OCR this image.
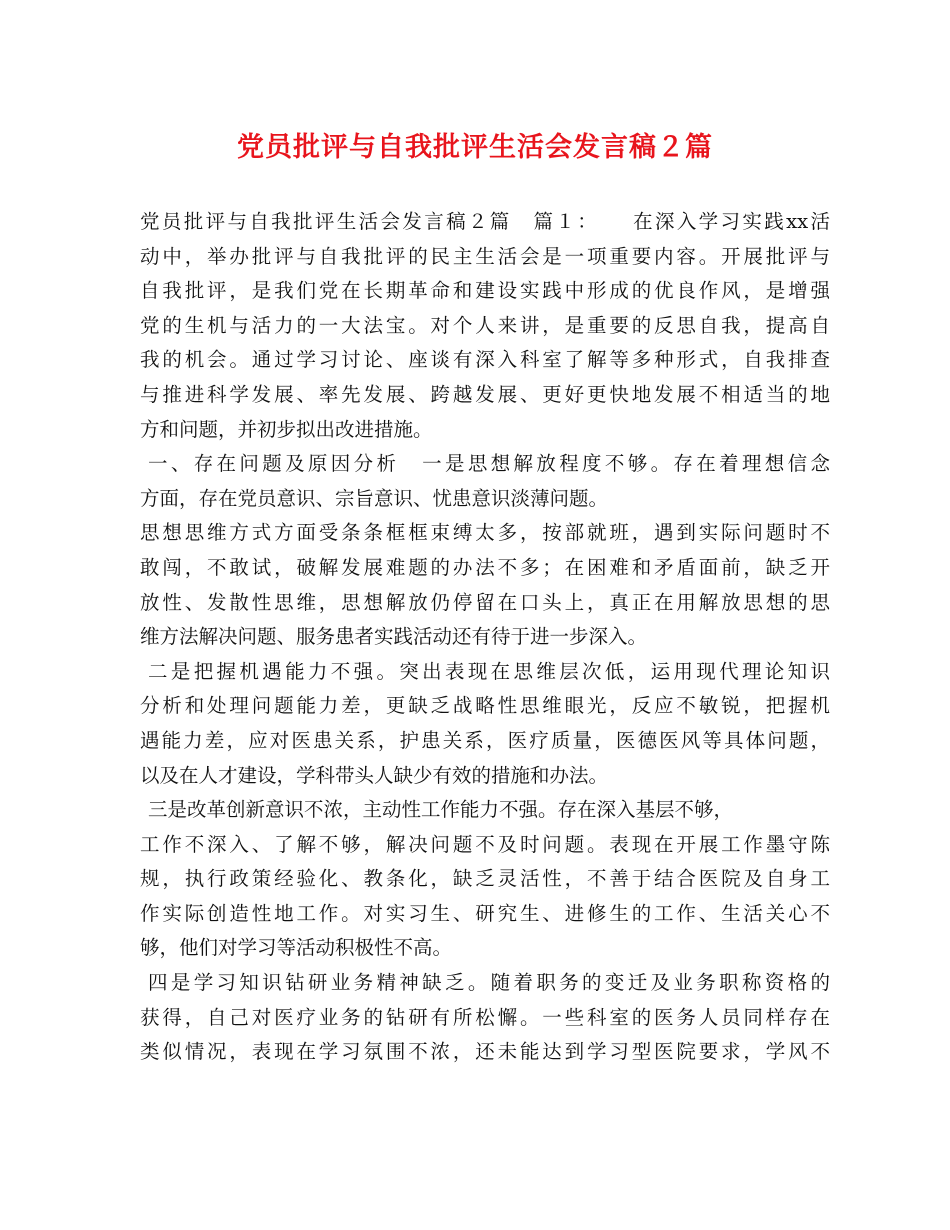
党员批评与自我批评生活会发言稿２篇
党员批评与自我批评生活会发言稿２篇　篇１：　　在深入学习实践xx活
动中，举办批评与自我批评的民主生活会是一项重要内容。开展批评与
自我批评，是我们党在长期革命和建设实践中形成的优良作风，是增强
党的生机与活力的一大法宝。对个人来讲，是重要的反思自我，提高自
我的机会。通过学习讨论、座谈有深入科室了解等多种形式，自我排查
与推进科学发展、率先发展、跨越发展、更好更快地发展不相适当的地
方和问题，并初步拟出改进措施。
一、存在问题及原因分析　一是思想解放程度不够。存在着理想信念
方面，存在党员意识、宗旨意识、忧患意识淡薄问题。
思想思维方式方面受条条框框束缚太多，按部就班，遇到实际问题时不
敢闯，不敢试，破解发展难题的办法不多；在困难和矛盾面前，缺乏开
放性、发散性思维，思想解放仍停留在口头上，真正在用解放思想的思
维方法解决问题、服务患者实践活动还有待于进一步深入。
二是把握机遇能力不强。突出表现在思维层次低，运用现代理论知识
分析和处理问题能力差，更缺乏战略性思维眼光，反应不敏锐，把握机
遇能力差，应对医患关系，护患关系，医疗质量，医德医风等具体问题，
以及在人才建设，学科带头人缺少有效的措施和办法。
三是改革创新意识不浓，主动性工作能力不强。存在深入基层不够，
工作不深入、了解不够，解决问题不及时问题。表现在开展工作墨守陈
规，执行政策经验化、教条化，缺乏灵活性，不善于结合医院及自身工
作实际创造性地工作。对实习生、研究生、进修生的工作、生活关心不
够，他们对学习等活动积极性不高。
四是学习知识钻研业务精神缺乏。随着职务的变迁及业务职称资格的
获得，自己对医疗业务的钻研有所松懈。一些科室的医务人员同样存在
类似情况，表现在学习氛围不浓，还未能达到学习型医院要求，学风不
